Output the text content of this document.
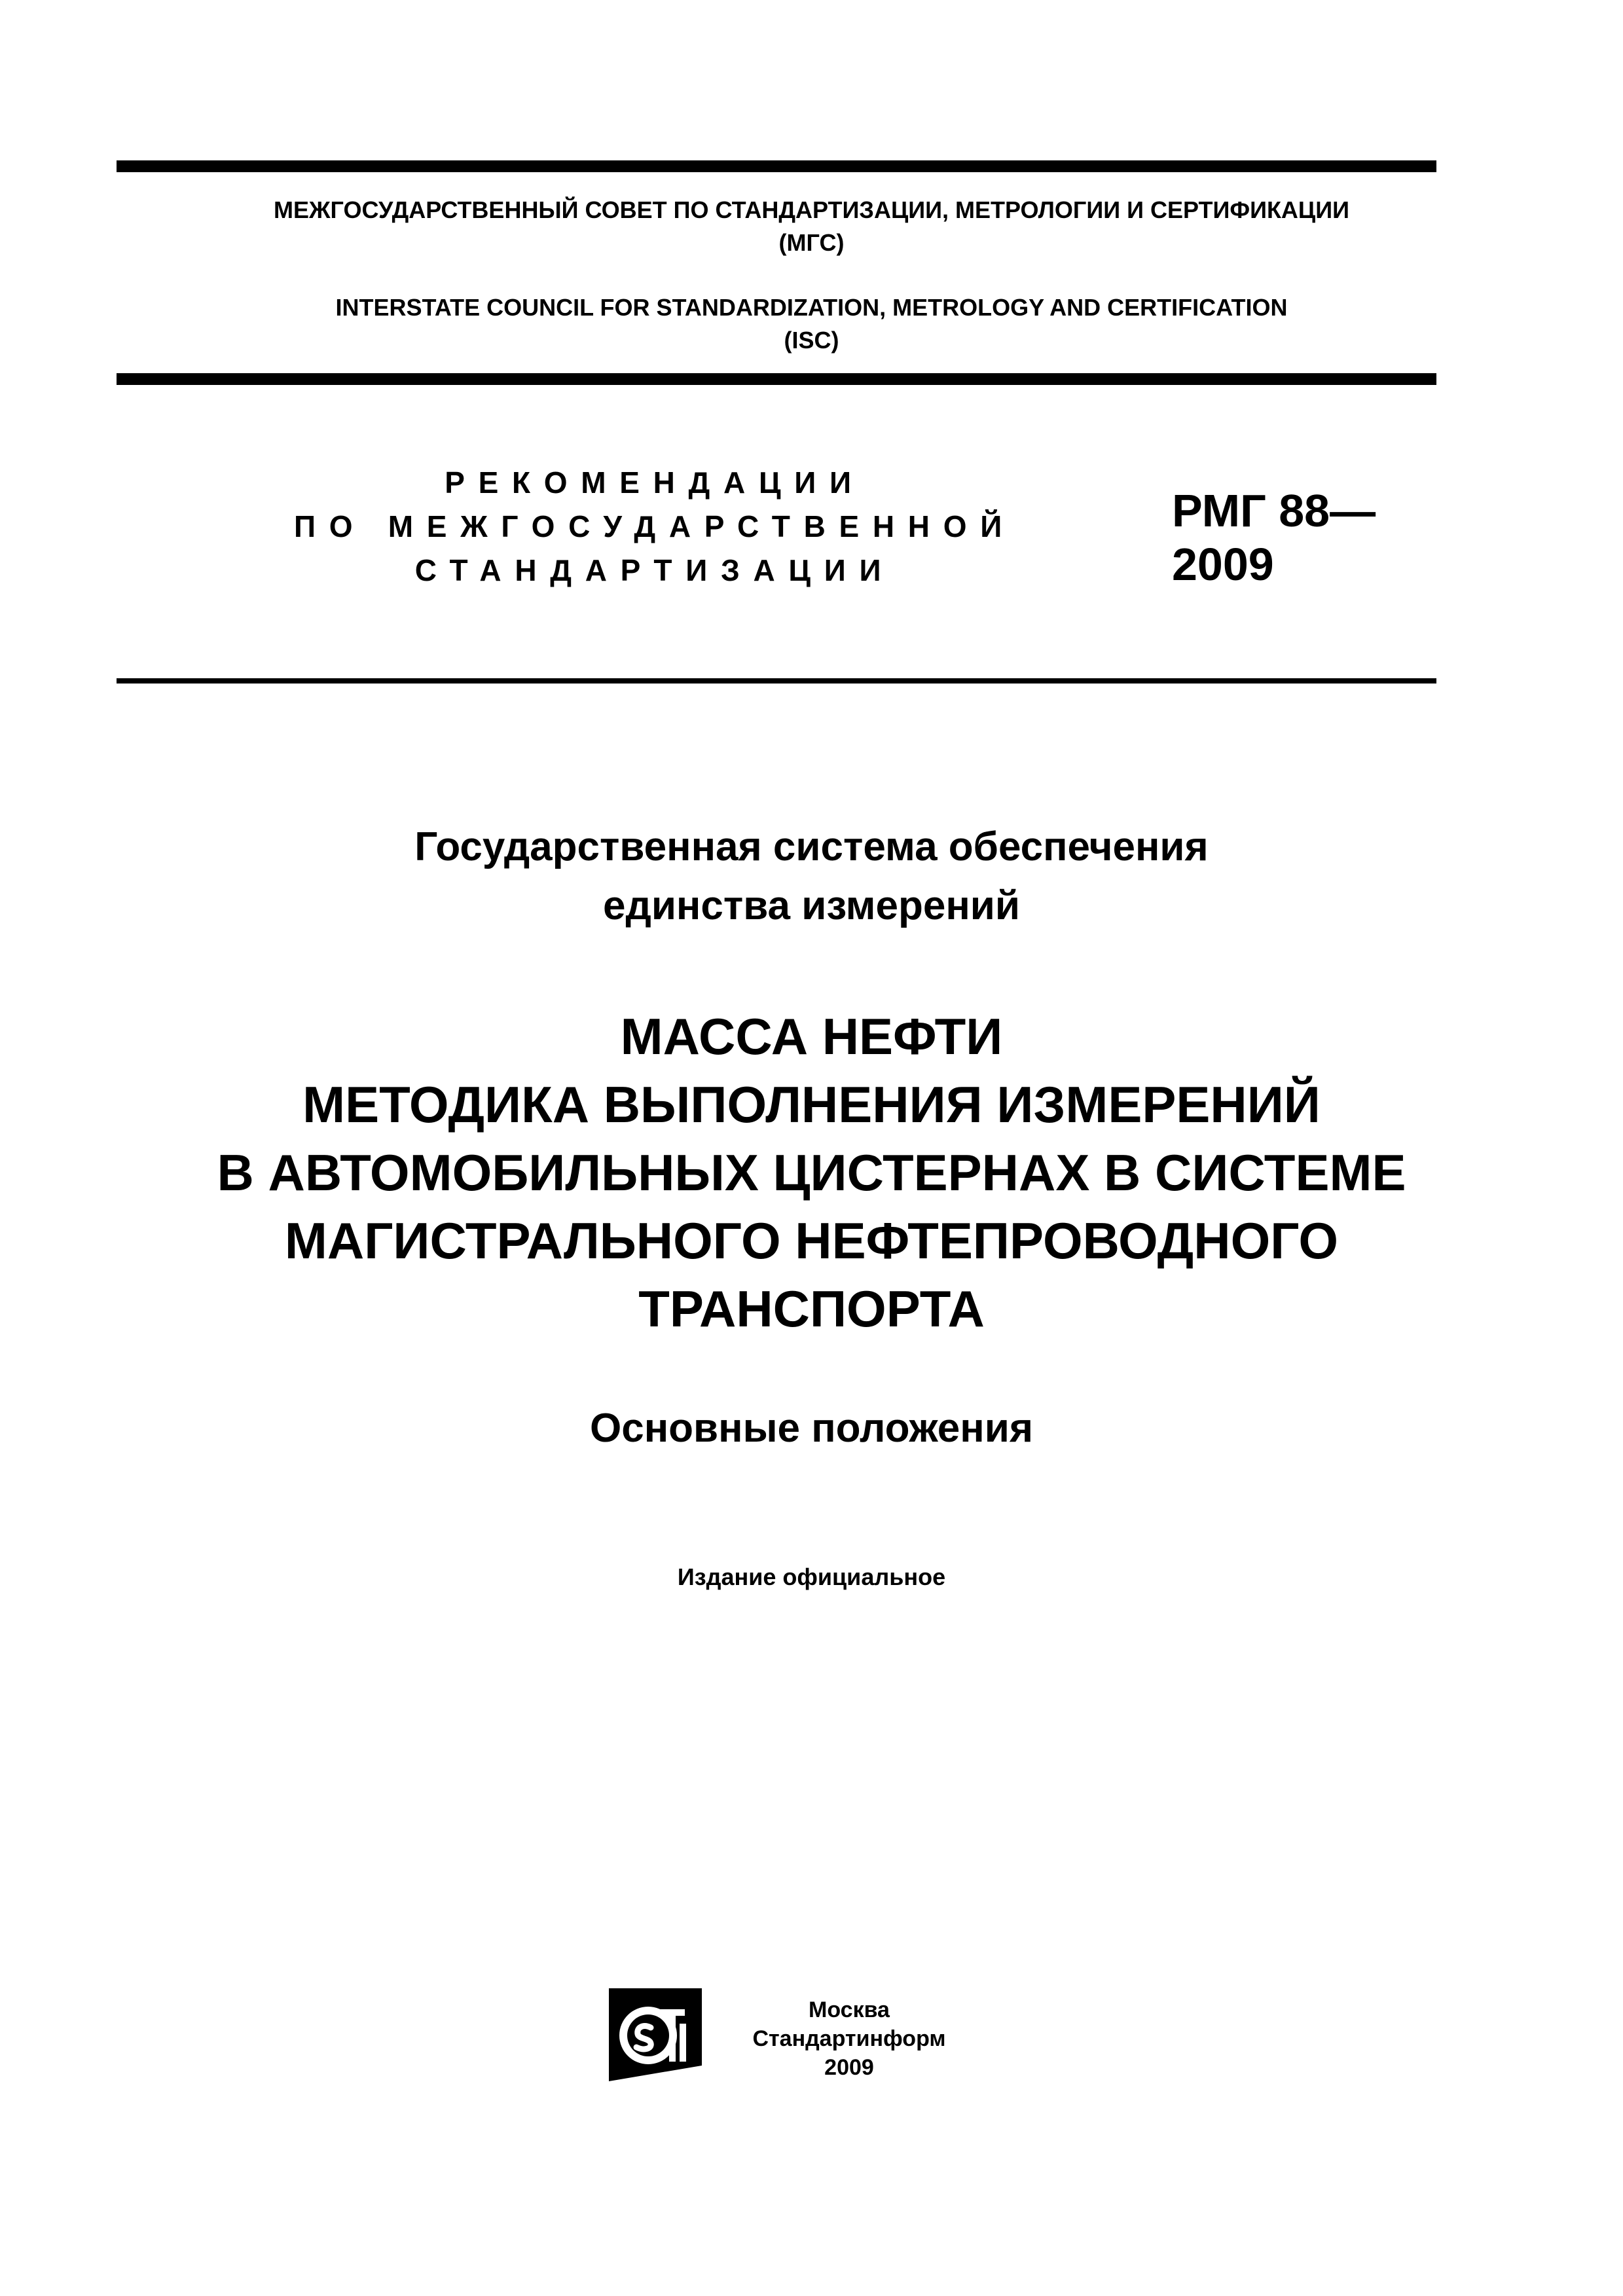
МЕЖГОСУДАРСТВЕННЫЙ СОВЕТ ПО СТАНДАРТИЗАЦИИ, МЕТРОЛОГИИ И СЕРТИФИКАЦИИ
(МГС)
INTERSTATE COUNCIL FOR STANDARDIZATION, METROLOGY AND CERTIFICATION
(ISC)
РЕКОМЕНДАЦИИ
ПО МЕЖГОСУДАРСТВЕННОЙ
СТАНДАРТИЗАЦИИ
РМГ 88—
2009
Государственная система обеспечения
единства измерений
МАССА НЕФТИ
МЕТОДИКА ВЫПОЛНЕНИЯ ИЗМЕРЕНИЙ
В АВТОМОБИЛЬНЫХ ЦИСТЕРНАХ В СИСТЕМЕ
МАГИСТРАЛЬНОГО НЕФТЕПРОВОДНОГО
ТРАНСПОРТА
Основные положения
Издание официальное
Москва
Стандартинформ
2009
